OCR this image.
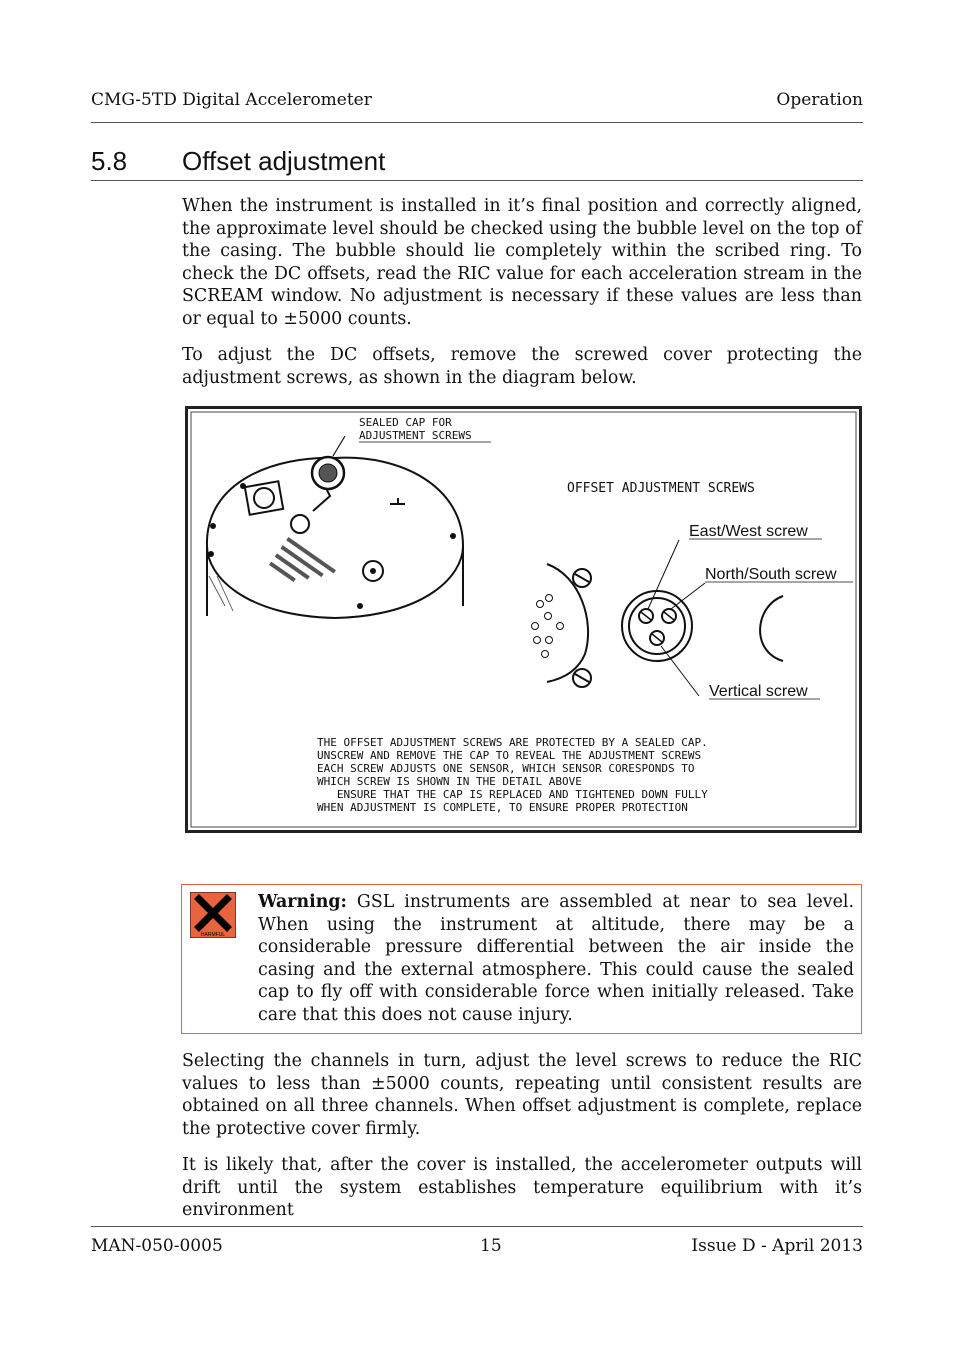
CMG-5TD Digital Accelerometer	Operation
5.8 Offset adjustment

When the instrument is installed in it’s final position and correctly aligned, the approximate level should be checked using the bubble level on the top of the casing. The bubble should lie completely within the scribed ring. To check the DC offsets, read the RIC value for each acceleration stream in the SCREAM window. No adjustment is necessary if these values are less than or equal to ±5000 counts.

To adjust the DC offsets, remove the screwed cover protecting the adjustment screws, as shown in the diagram below.

SEALED CAP FOR
ADJUSTMENT SCREWS
OFFSET ADJUSTMENT SCREWS
East/West screw
North/South screw
Vertical screw
THE OFFSET ADJUSTMENT SCREWS ARE PROTECTED BY A SEALED CAP.
UNSCREW AND REMOVE THE CAP TO REVEAL THE ADJUSTMENT SCREWS
EACH SCREW ADJUSTS ONE SENSOR, WHICH SENSOR CORESPONDS TO
WHICH SCREW IS SHOWN IN THE DETAIL ABOVE
ENSURE THAT THE CAP IS REPLACED AND TIGHTENED DOWN FULLY
WHEN ADJUSTMENT IS COMPLETE, TO ENSURE PROPER PROTECTION
HARMFUL

Warning: GSL instruments are assembled at near to sea level. When using the instrument at altitude, there may be a considerable pressure differential between the air inside the casing and the external atmosphere. This could cause the sealed cap to fly off with considerable force when initially released. Take care that this does not cause injury.

Selecting the channels in turn, adjust the level screws to reduce the RIC values to less than ±5000 counts, repeating until consistent results are obtained on all three channels. When offset adjustment is complete, replace the protective cover firmly.

It is likely that, after the cover is installed, the accelerometer outputs will drift until the system establishes temperature equilibrium with it’s environment

MAN-050-0005	15	Issue D - April 2013
